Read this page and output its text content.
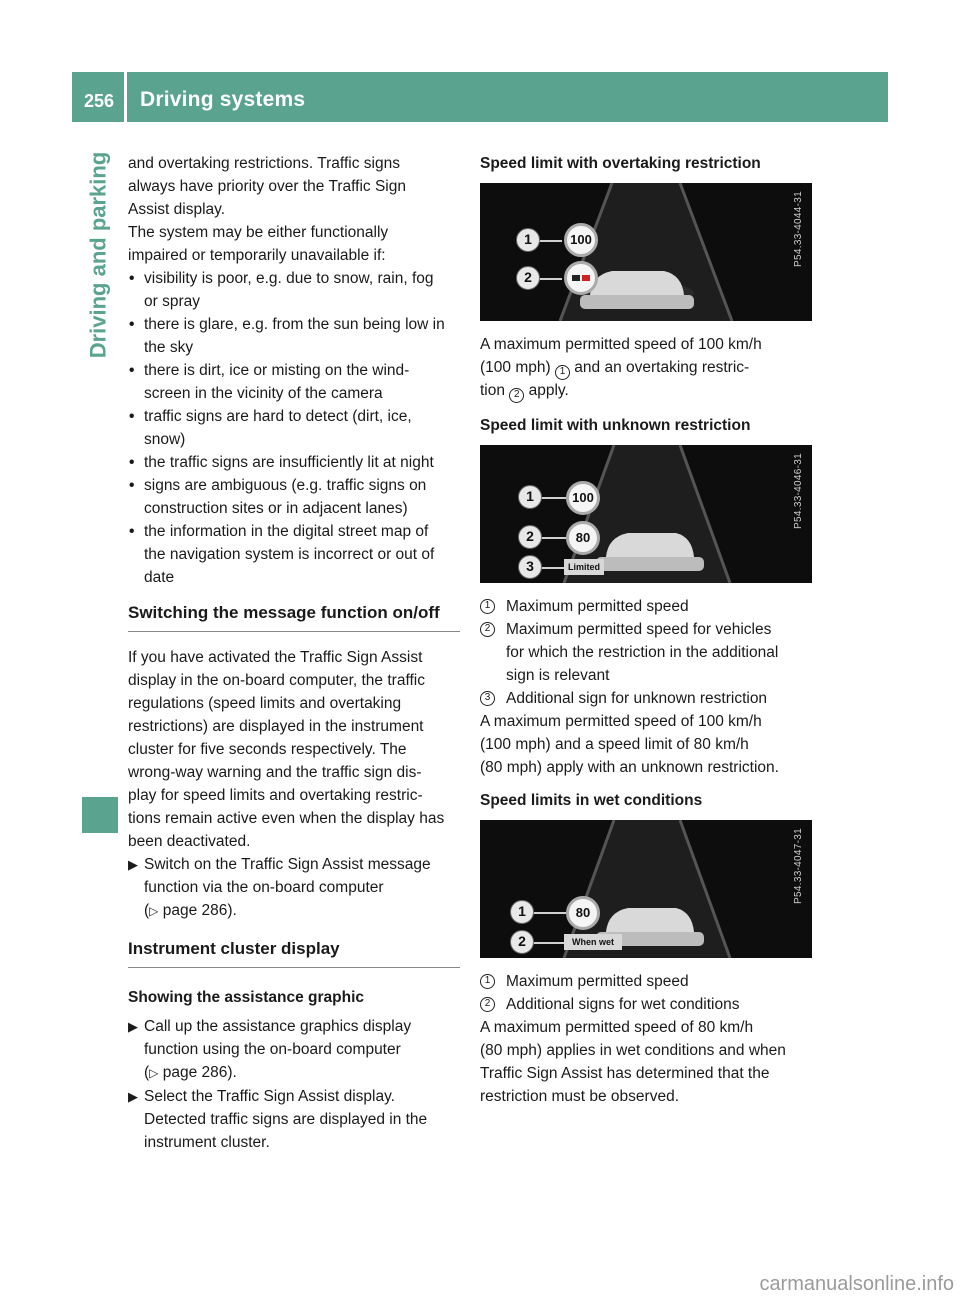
256 Driving systems
Driving and parking and overtaking restrictions. Traffic signs

always have priority over the Traffic Sign

Assist display.

The system may be either functionally

impaired or temporarily unavailable if:

• visibility is poor, e.g. due to snow, rain, fog

or spray

• there is glare, e.g. from the sun being low in

the sky

• there is dirt, ice or misting on the wind-

screen in the vicinity of the camera

• traffic signs are hard to detect (dirt, ice,

snow)

• the traffic signs are insufficiently lit at night

• signs are ambiguous (e.g. traffic signs on

construction sites or in adjacent lanes)

• the information in the digital street map of

the navigation system is incorrect or out of

date

Switching the message function on/off

If you have activated the Traffic Sign Assist

display in the on-board computer, the traffic

regulations (speed limits and overtaking

restrictions) are displayed in the instrument

cluster for five seconds respectively. The

wrong-way warning and the traffic sign dis-

play for speed limits and overtaking restric-

tions remain active even when the display has

been deactivated.

▶ Switch on the Traffic Sign Assist message

function via the on-board computer

(▷ page 286).

Instrument cluster display
Showing the assistance graphic
▶ Call up the assistance graphics display

function using the on-board computer

(▷ page 286).

▶ Select the Traffic Sign Assist display.

Detected traffic signs are displayed in the

instrument cluster.

Speed limit with overtaking restriction
1
2
100	P54.33-4044-31

A maximum permitted speed of 100 km/h

(100 mph) 1 and an overtaking restric-

tion 2 apply.

Speed limit with unknown restriction
1
2
3
100
80
Limited
P54.33-4046-31
1	Maximum permitted speed

2	Maximum permitted speed for vehicles

for which the restriction in the additional

sign is relevant

3	Additional sign for unknown restriction

A maximum permitted speed of 100 km/h

(100 mph) and a speed limit of 80 km/h

(80 mph) apply with an unknown restriction.

Speed limits in wet conditions
1
2
80
When wet
P54.33-4047-31
1	Maximum permitted speed

2	Additional signs for wet conditions

A maximum permitted speed of 80 km/h

(80 mph) applies in wet conditions and when

Traffic Sign Assist has determined that the

restriction must be observed.

carmanualsonline.info
